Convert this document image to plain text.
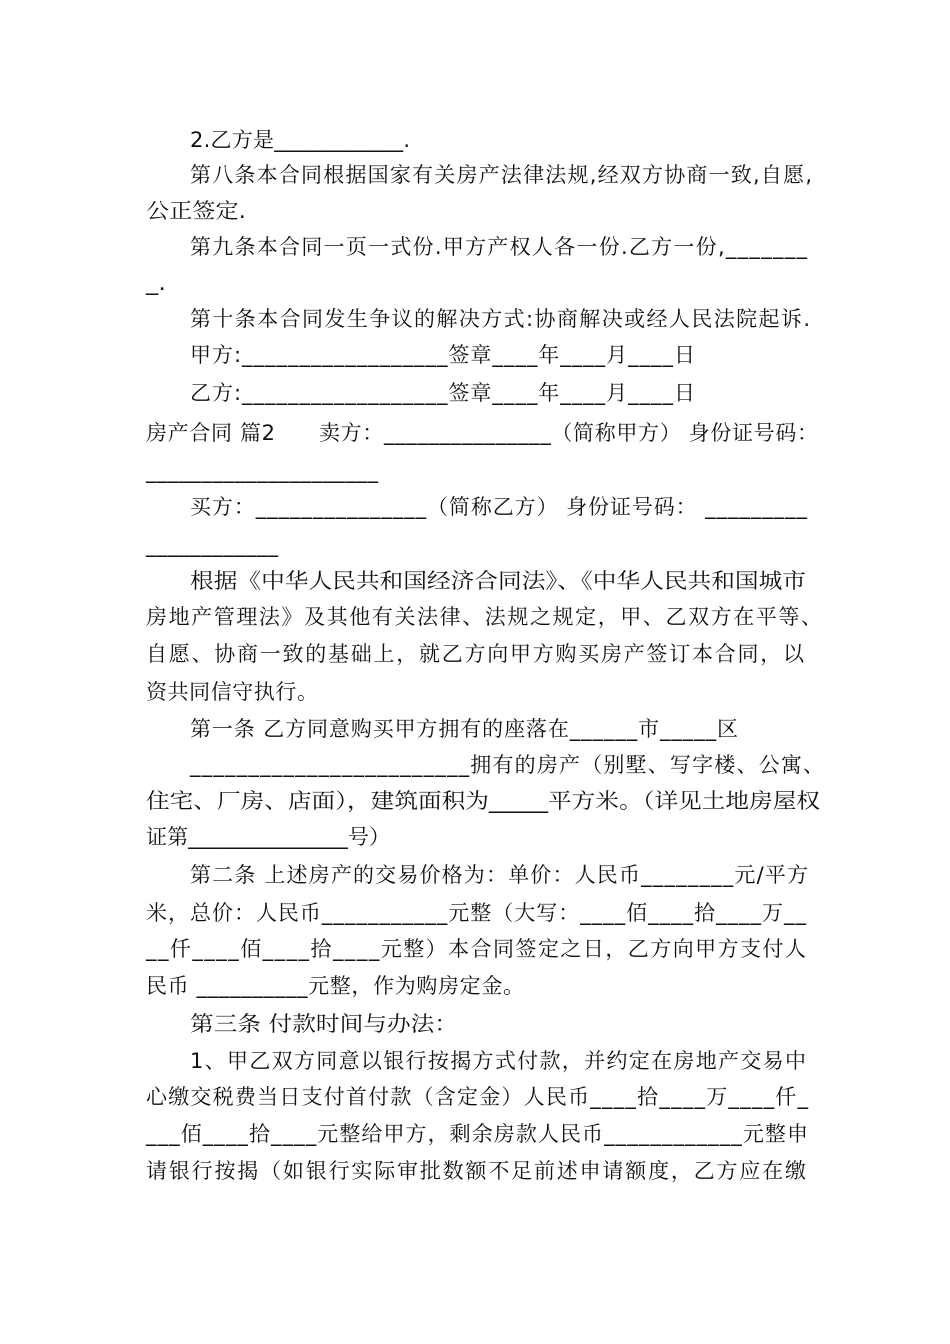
2.乙方是____________.
第八条本合同根据国家有关房产法律法规,经双方协商一致,自愿,
公正签定.
第九条本合同一页一式份.甲方产权人各一份.乙方一份,_______
_.
第十条本合同发生争议的解决方式:协商解决或经人民法院起诉.
甲方:__________________签章____年____月____日
乙方:__________________签章____年____月____日
房产合同 篇2　　卖方：_______________（简称甲方） 身份证号码：
_____________________
买方：_______________（简称乙方） 身份证号码： _________
____________
根据《中华人民共和国经济合同法》、《中华人民共和国城市
房地产管理法》及其他有关法律、法规之规定，甲、乙双方在平等、
自愿、协商一致的基础上，就乙方向甲方购买房产签订本合同，以
资共同信守执行。
第一条 乙方同意购买甲方拥有的座落在______市_____区
________________________拥有的房产（别墅、写字楼、公寓、
住宅、厂房、店面），建筑面积为_____平方米。（详见土地房屋权
证第_______________号）
第二条 上述房产的交易价格为：单价：人民币________元/平方
米，总价：人民币___________元整（大写：____佰____拾____万__
__仟____佰____拾____元整）本合同签定之日，乙方向甲方支付人
民币 __________元整，作为购房定金。
第三条 付款时间与办法：
1、甲乙双方同意以银行按揭方式付款，并约定在房地产交易中
心缴交税费当日支付首付款（含定金）人民币____拾____万____仟_
___佰____拾____元整给甲方，剩余房款人民币____________元整申
请银行按揭（如银行实际审批数额不足前述申请额度，乙方应在缴
